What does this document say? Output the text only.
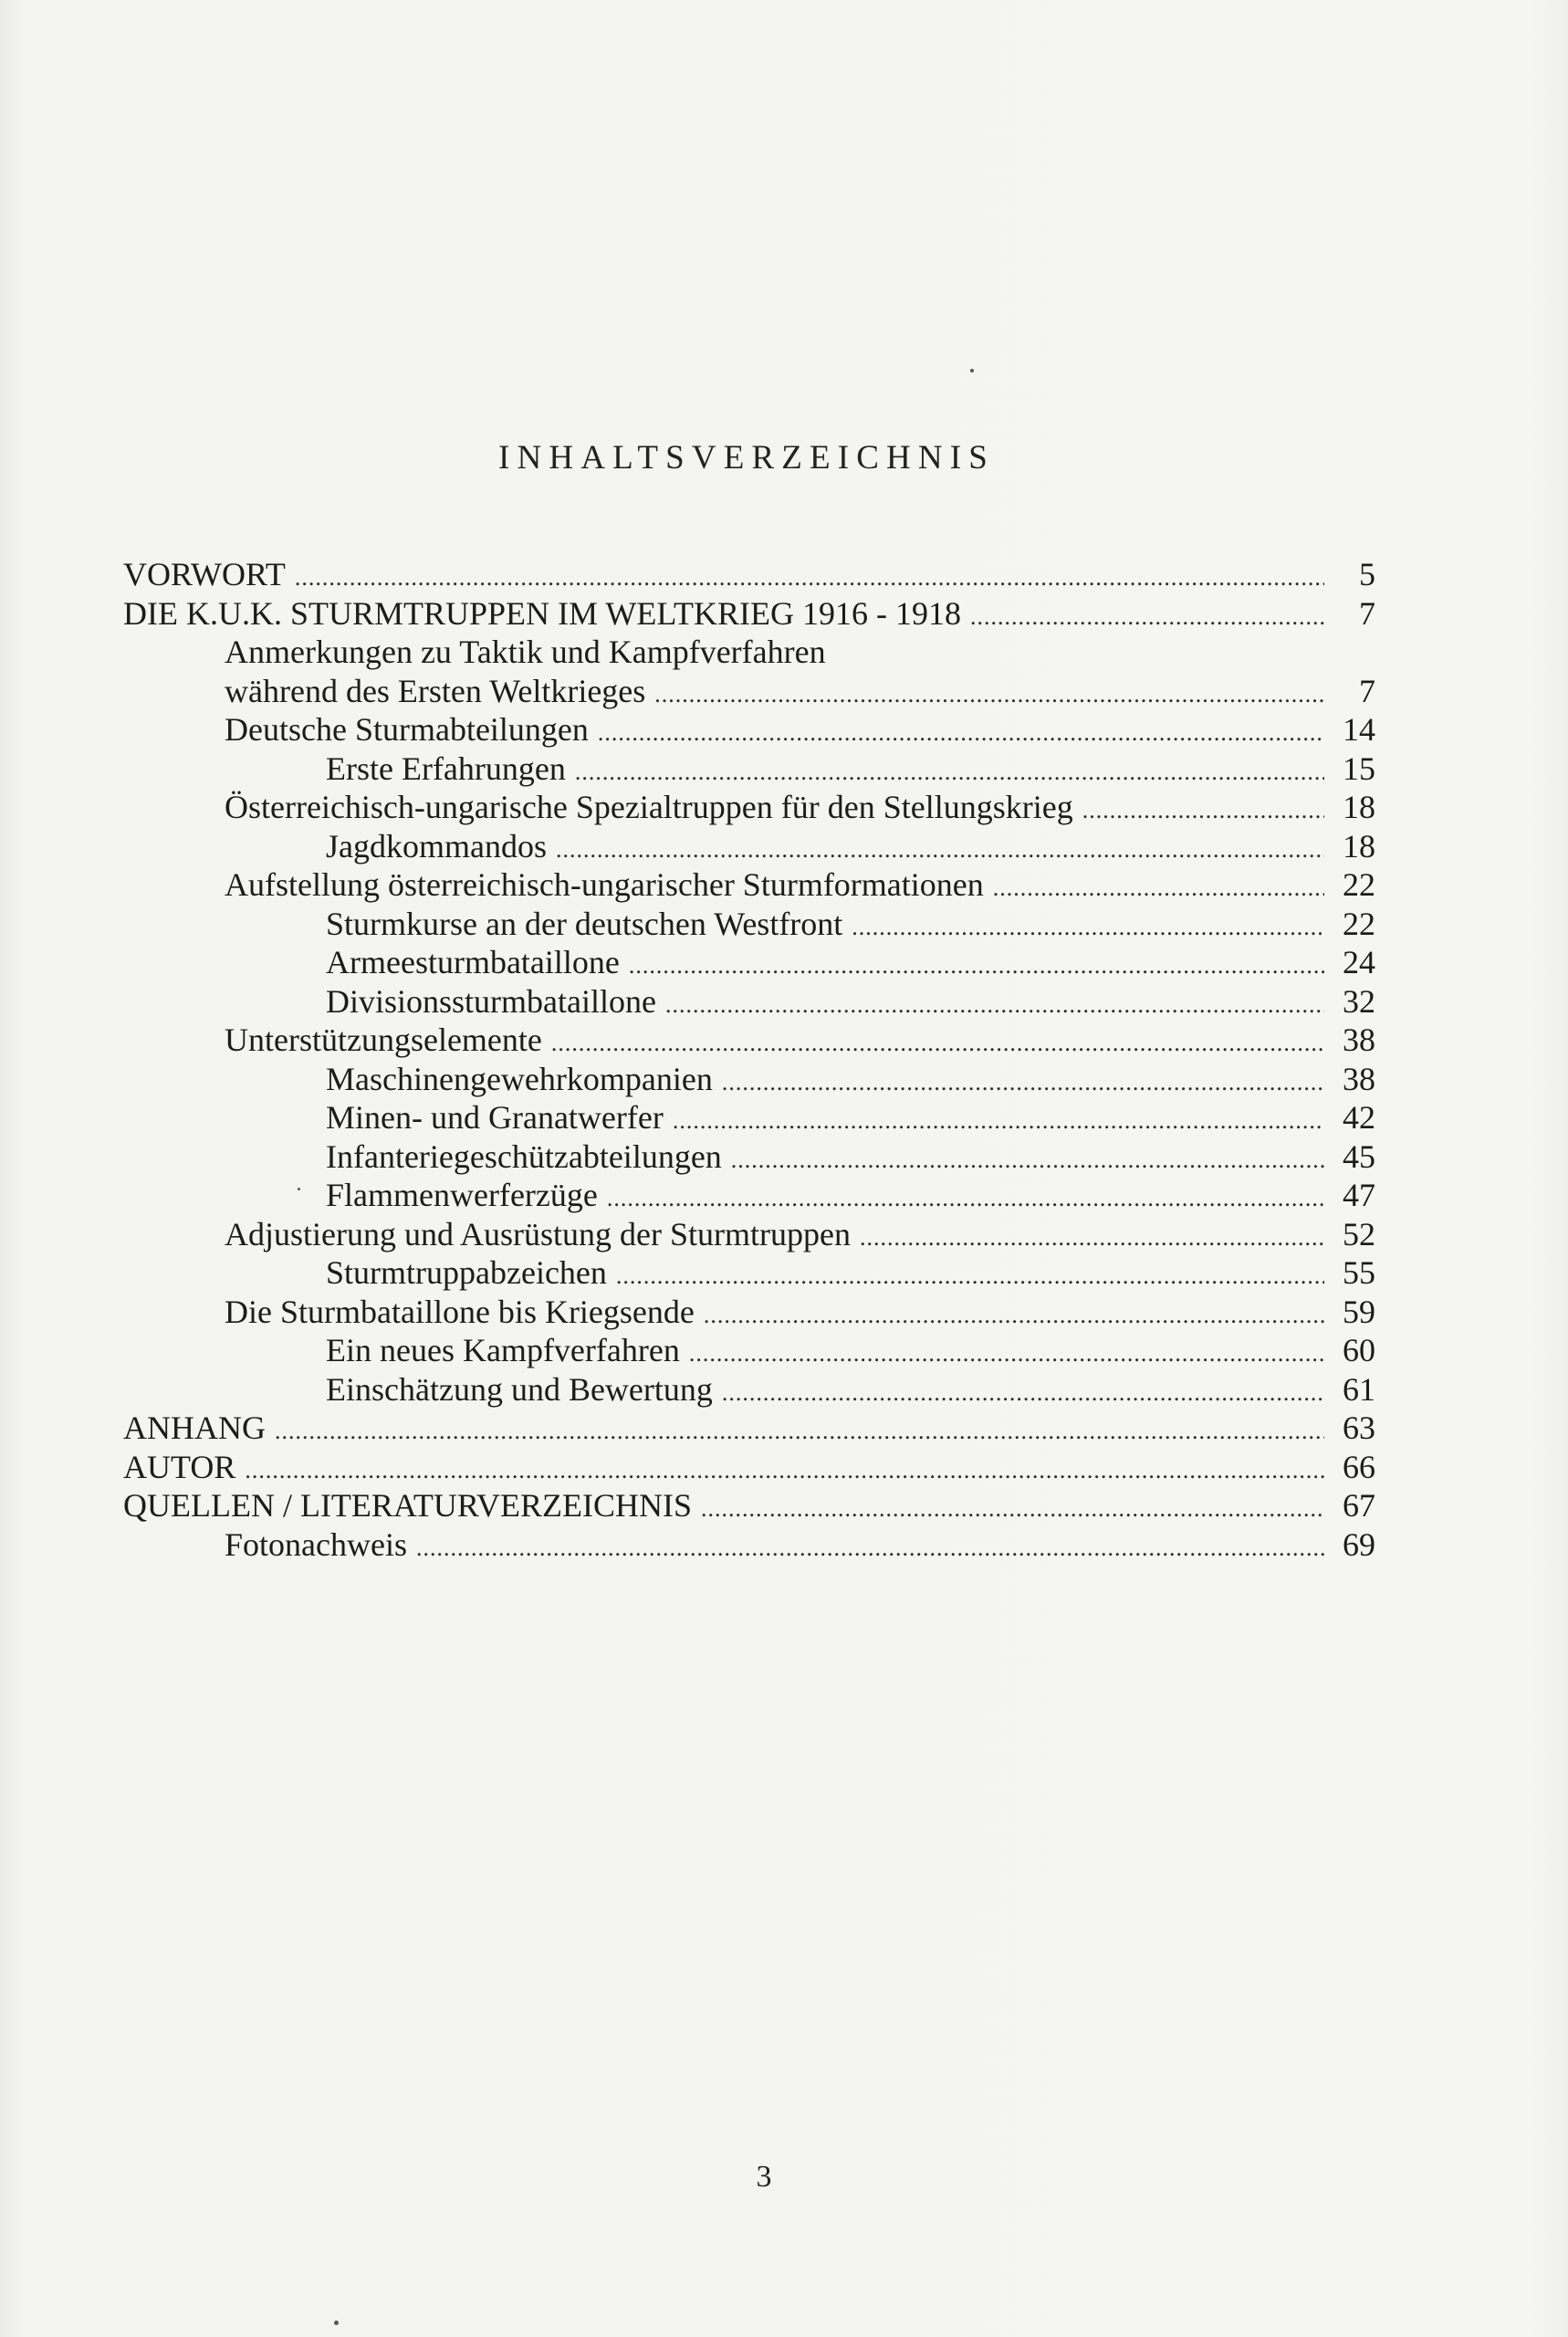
INHALTSVERZEICHNIS
VORWORT .....	5
DIE K.U.K. STURMTRUPPEN IM WELTKRIEG 1916 - 1918 .....	7
Anmerkungen zu Taktik und Kampfverfahren
während des Ersten Weltkrieges .....	7
Deutsche Sturmabteilungen .....	14
Erste Erfahrungen .....	15
Österreichisch-ungarische Spezialtruppen für den Stellungskrieg .....	18
Jagdkommandos .....	18
Aufstellung österreichisch-ungarischer Sturmformationen .....	22
Sturmkurse an der deutschen Westfront .....	22
Armeesturmbataillone .....	24
Divisionssturmbataillone .....	32
Unterstützungselemente .....	38
Maschinengewehrkompanien .....	38
Minen- und Granatwerfer .....	42
Infanteriegeschützabteilungen .....	45
Flammenwerferzüge .....	47
Adjustierung und Ausrüstung der Sturmtruppen .....	52
Sturmtruppabzeichen .....	55
Die Sturmbataillone bis Kriegsende .....	59
Ein neues Kampfverfahren .....	60
Einschätzung und Bewertung .....	61
ANHANG .....	63
AUTOR .....	66
QUELLEN / LITERATURVERZEICHNIS .....	67
Fotonachweis .....	69
3
